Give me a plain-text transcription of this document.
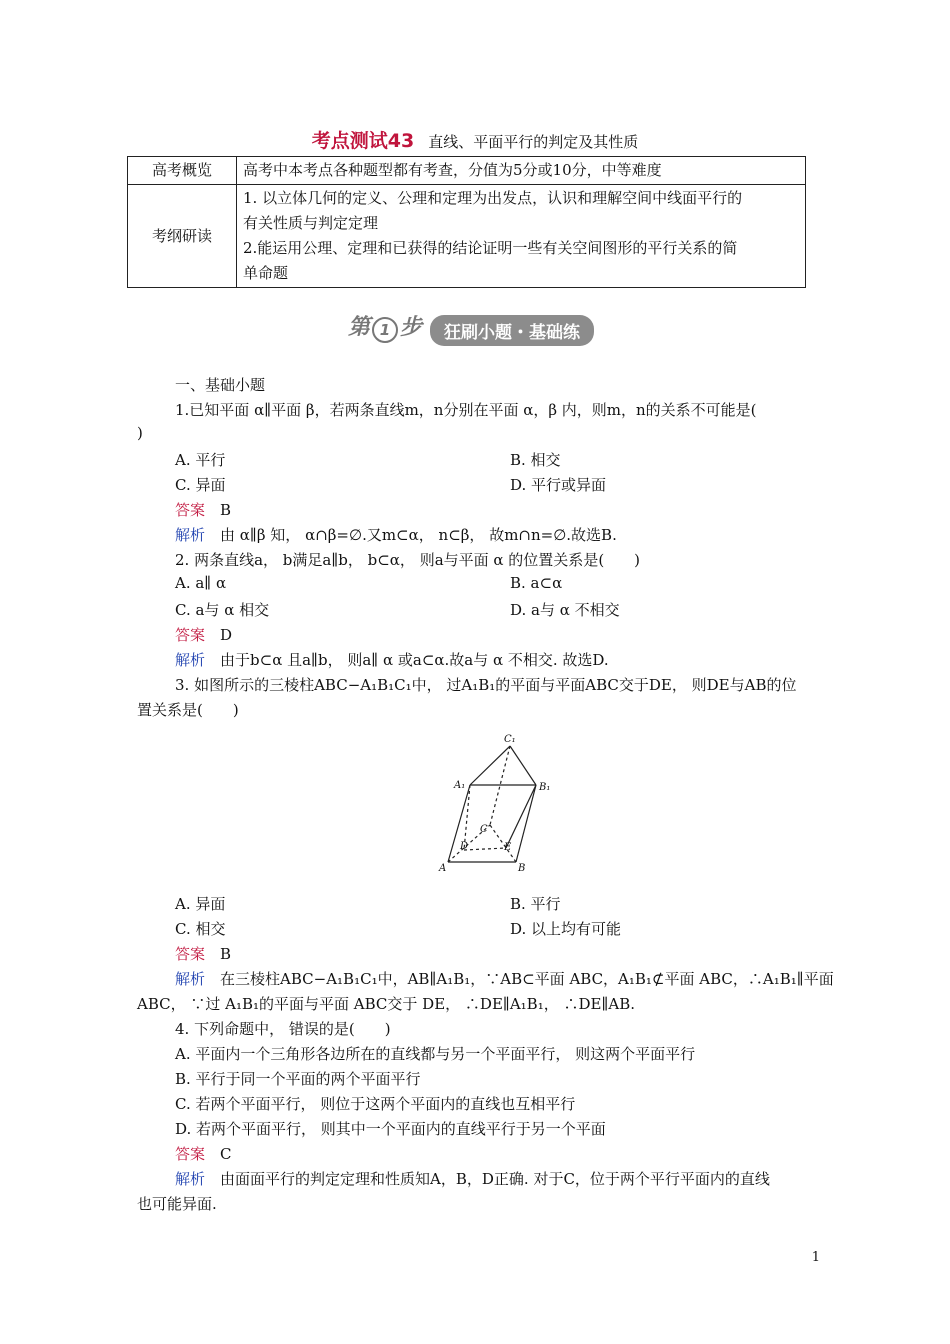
考点测试43 直线、平面平行的判定及其性质
高考概览	高考中本考点各种题型都有考查，分值为5分或10分，中等难度
考纲研读	1. 以立体几何的定义、公理和定理为出发点，认识和理解空间中线面平行的
有关性质与判定定理
2.能运用公理、定理和已获得的结论证明一些有关空间图形的平行关系的简
单命题
第 1 步 狂刷小题・基础练
一、基础小题
1.已知平面 α∥平面 β，若两条直线m，n分别在平面 α，β 内，则m，n的关系不可能是(
)
A. 平行	B. 相交
C. 异面	D. 平行或异面
答案　 B
解析　 由 α∥β 知， α∩β=∅.又m⊂α， n⊂β， 故m∩n=∅.故选B.
2. 两条直线a， b满足a∥b， b⊂α， 则a与平面 α 的位置关系是(　　)
A. a∥ α	B. a⊂α
C. a与 α 相交	D. a与 α 不相交
答案　 D
解析　 由于b⊂α 且a∥b， 则a∥ α 或a⊂α.故a与 α 不相交. 故选D.
3. 如图所示的三棱柱ABC−A₁B₁C₁中， 过A₁B₁的平面与平面ABC交于DE， 则DE与AB的位
置关系是(　　)
C₁
A₁	B₁
C
D	E
A	B
A. 异面	B. 平行
C. 相交	D. 以上均有可能
答案　 B
解析　 在三棱柱ABC−A₁B₁C₁中，AB∥A₁B₁，∵AB⊂平面 ABC，A₁B₁⊄平面 ABC，∴A₁B₁∥平面
ABC， ∵过 A₁B₁的平面与平面 ABC交于 DE， ∴DE∥A₁B₁， ∴DE∥AB.
4. 下列命题中， 错误的是(　　)
A. 平面内一个三角形各边所在的直线都与另一个平面平行， 则这两个平面平行
B. 平行于同一个平面的两个平面平行
C. 若两个平面平行， 则位于这两个平面内的直线也互相平行
D. 若两个平面平行， 则其中一个平面内的直线平行于另一个平面
答案　 C
解析　 由面面平行的判定定理和性质知A，B，D正确. 对于C，位于两个平行平面内的直线
也可能异面.
1
